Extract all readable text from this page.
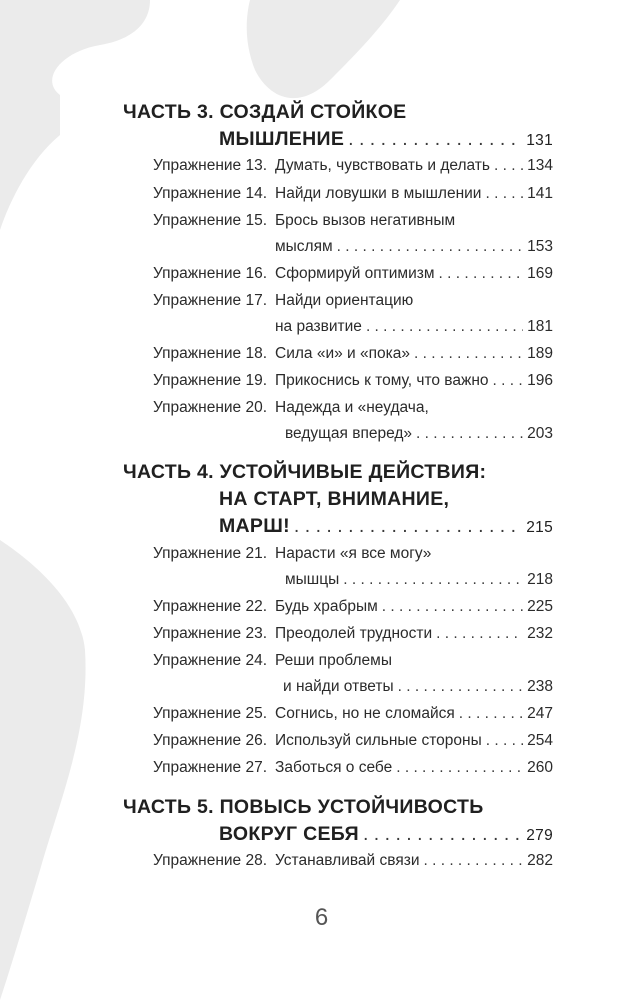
ЧАСТЬ 3. СОЗДАЙ СТОЙКОЕ
МЫШЛЕНИЕ . . .	131
Упражнение 13. Думать, чувствовать и делать . . . 134
Упражнение 14. Найди ловушки в мышлении . . .	141
Упражнение 15. Брось вызов негативным
мыслям . . .	153
Упражнение 16. Сформируй оптимизм . . .	169
Упражнение 17. Найди ориентацию
на развитие . . .	181
Упражнение 18. Сила «и» и «пока» . . .	189
Упражнение 19. Прикоснись к тому, что важно . . . 196
Упражнение 20. Надежда и «неудача,
ведущая вперед» . . .	203
ЧАСТЬ 4. УСТОЙЧИВЫЕ ДЕЙСТВИЯ:
НА СТАРТ, ВНИМАНИЕ,
МАРШ! . . .	215
Упражнение 21. Нарасти «я все могу»
мышцы . . .	218
Упражнение 22. Будь храбрым . . .	225
Упражнение 23. Преодолей трудности . . .	232
Упражнение 24. Реши проблемы
и найди ответы . . .	238
Упражнение 25. Согнись, но не сломайся . . .	247
Упражнение 26. Используй сильные стороны . . .	254
Упражнение 27. Заботься о себе . . .	260
ЧАСТЬ 5. ПОВЫСЬ УСТОЙЧИВОСТЬ
ВОКРУГ СЕБЯ . . .	279
Упражнение 28. Устанавливай связи . . .	282
6
